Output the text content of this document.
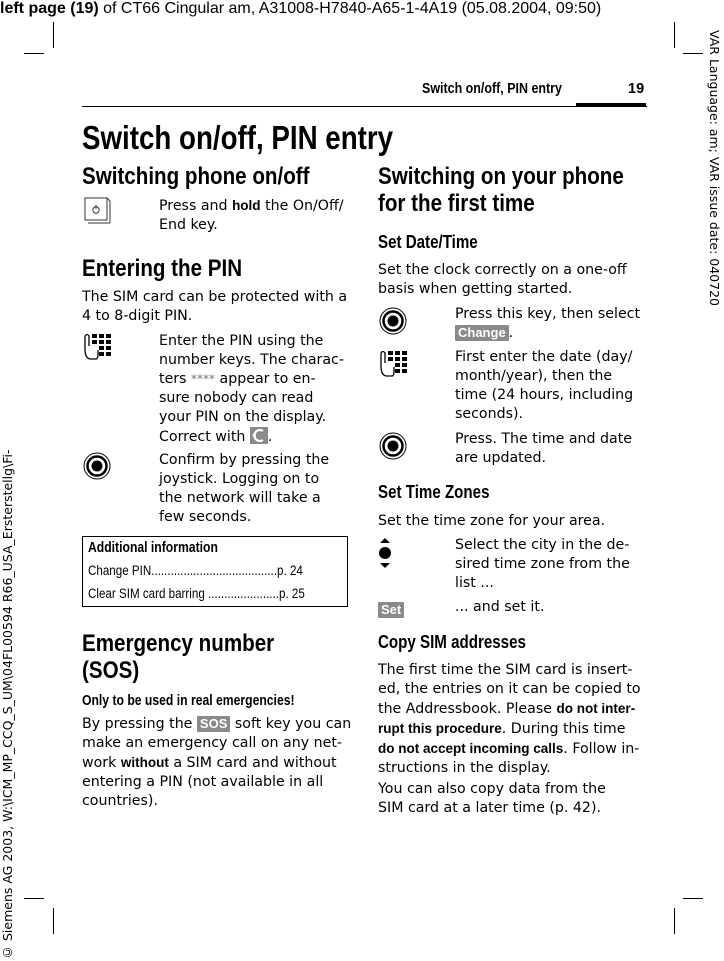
left page (19) of CT66 Cingular am, A31008-H7840-A65-1-4A19 (05.08.2004, 09:50)
VAR Language: am; VAR issue date: 040720
© Siemens AG 2003, W:\ICM_MP_CCQ_S_UM\04FL00594 R66_USA_Ersterstellg\Fi-
Switch on/off, PIN entry	19
Switch on/off, PIN entry
Switching phone on/off
Press and hold the On/Off/
End key.
Entering the PIN
The SIM card can be protected with a
4 to 8-digit PIN.
Enter the PIN using the
number keys. The charac-
ters **** appear to en-
sure nobody can read
your PIN on the display.
Correct with
.
Confirm by pressing the
joystick. Logging on to
the network will take a
few seconds.
Additional information
Change PIN.......................................p. 24
Clear SIM card barring ......................p. 25
Emergency number
(SOS)
Only to be used in real emergencies!
By pressing the SOS soft key you can
make an emergency call on any net-
work without a SIM card and without
entering a PIN (not available in all
countries).
Switching on your phone
for the first time
Set Date/Time
Set the clock correctly on a one-off
basis when getting started.
Press this key, then select
Change .
First enter the date (day/
month/year), then the
time (24 hours, including
seconds).
Press. The time and date
are updated.
Set Time Zones
Set the time zone for your area.
Select the city in the de-
sired time zone from the
list ...
Set	... and set it.
Copy SIM addresses
The first time the SIM card is insert-
ed, the entries on it can be copied to
the Addressbook. Please do not inter-
rupt this procedure. During this time
do not accept incoming calls. Follow in-
structions in the display.
You can also copy data from the
SIM card at a later time (p. 42).
